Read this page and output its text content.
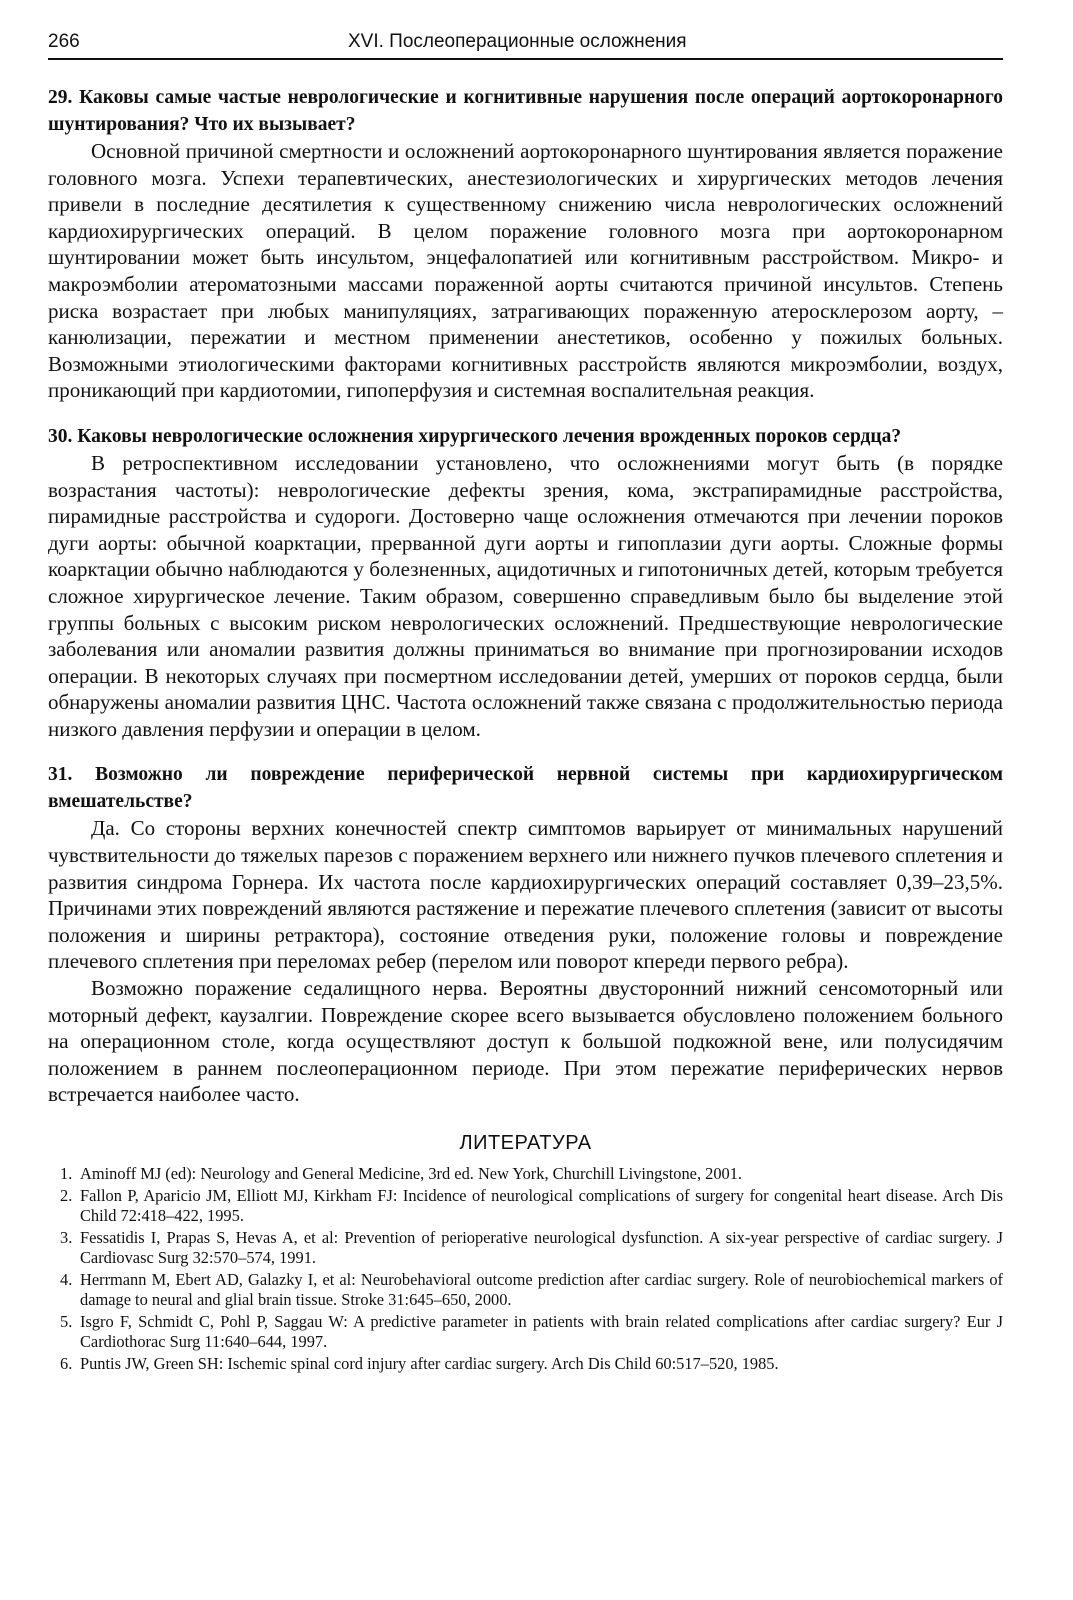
266	XVI. Послеоперационные осложнения

29. Каковы самые частые неврологические и когнитивные нарушения после операций аортокоронарного шунтирования? Что их вызывает?

Основной причиной смертности и осложнений аортокоронарного шунтирования является поражение головного мозга. Успехи терапевтических, анестезиологических и хирургических методов лечения привели в последние десятилетия к существенному снижению числа неврологических осложнений кардиохирургических операций. В целом поражение головного мозга при аортокоронарном шунтировании может быть инсультом, энцефалопатией или когнитивным расстройством. Микро- и макроэмболии атероматозными массами пораженной аорты считаются причиной инсультов. Степень риска возрастает при любых манипуляциях, затрагивающих пораженную атеросклерозом аорту, – канюлизации, пережатии и местном применении анестетиков, особенно у пожилых больных. Возможными этиологическими факторами когнитивных расстройств являются микроэмболии, воздух, проникающий при кардиотомии, гипоперфузия и системная воспалительная реакция.

30. Каковы неврологические осложнения хирургического лечения врожденных пороков сердца?

В ретроспективном исследовании установлено, что осложнениями могут быть (в порядке возрастания частоты): неврологические дефекты зрения, кома, экстрапирамидные расстройства, пирамидные расстройства и судороги. Достоверно чаще осложнения отмечаются при лечении пороков дуги аорты: обычной коарктации, прерванной дуги аорты и гипоплазии дуги аорты. Сложные формы коарктации обычно наблюдаются у болезненных, ацидотичных и гипотоничных детей, которым требуется сложное хирургическое лечение. Таким образом, совершенно справедливым было бы выделение этой группы больных с высоким риском неврологических осложнений. Предшествующие неврологические заболевания или аномалии развития должны приниматься во внимание при прогнозировании исходов операции. В некоторых случаях при посмертном исследовании детей, умерших от пороков сердца, были обнаружены аномалии развития ЦНС. Частота осложнений также связана с продолжительностью периода низкого давления перфузии и операции в целом.

31. Возможно ли повреждение периферической нервной системы при кардиохирургическом вмешательстве?

Да. Со стороны верхних конечностей спектр симптомов варьирует от минимальных нарушений чувствительности до тяжелых парезов с поражением верхнего или нижнего пучков плечевого сплетения и развития синдрома Горнера. Их частота после кардиохирургических операций составляет 0,39–23,5%. Причинами этих повреждений являются растяжение и пережатие плечевого сплетения (зависит от высоты положения и ширины ретрактора), состояние отведения руки, положение головы и повреждение плечевого сплетения при переломах ребер (перелом или поворот кпереди первого ребра).

Возможно поражение седалищного нерва. Вероятны двусторонний нижний сенсомоторный или моторный дефект, каузалгии. Повреждение скорее всего вызывается обусловлено положением больного на операционном столе, когда осуществляют доступ к большой подкожной вене, или полусидячим положением в раннем послеоперационном периоде. При этом пережатие периферических нервов встречается наиболее часто.

ЛИТЕРАТУРА
1. Aminoff MJ (ed): Neurology and General Medicine, 3rd ed. New York, Churchill Livingstone, 2001.
2. Fallon P, Aparicio JM, Elliott MJ, Kirkham FJ: Incidence of neurological complications of surgery for congenital heart disease. Arch Dis Child 72:418–422, 1995.
3. Fessatidis I, Prapas S, Hevas A, et al: Prevention of perioperative neurological dysfunction. A six-year perspective of cardiac surgery. J Cardiovasc Surg 32:570–574, 1991.
4. Herrmann M, Ebert AD, Galazky I, et al: Neurobehavioral outcome prediction after cardiac surgery. Role of neurobiochemical markers of damage to neural and glial brain tissue. Stroke 31:645–650, 2000.
5. Isgro F, Schmidt C, Pohl P, Saggau W: A predictive parameter in patients with brain related complications after cardiac surgery? Eur J Cardiothorac Surg 11:640–644, 1997.
6. Puntis JW, Green SH: Ischemic spinal cord injury after cardiac surgery. Arch Dis Child 60:517–520, 1985.
